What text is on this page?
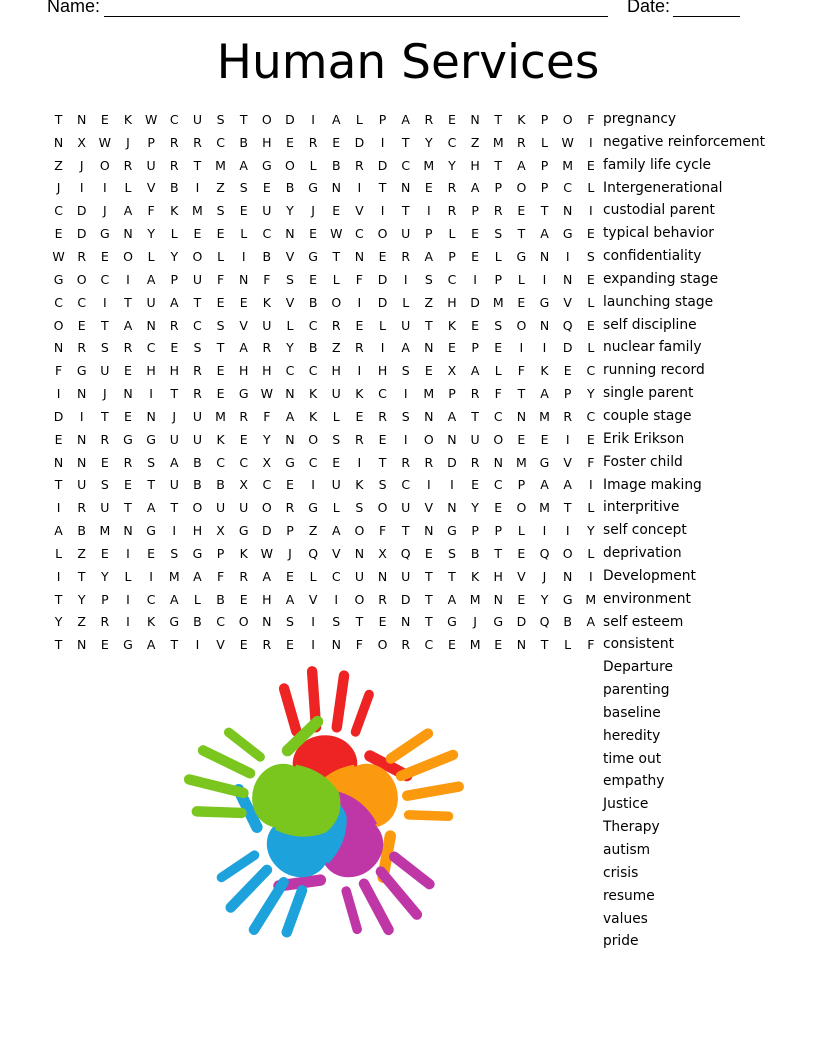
Name:	Date:
Human Services
T	N	E	K	W	C	U	S	T	O	D	I	A	L	P	A	R	E	N	T	K	P	O	F
N	X	W	J	P	R	R	C	B	H	E	R	E	D	I	T	Y	C	Z	M	R	L	W	I
Z	J	O	R	U	R	T	M	A	G	O	L	B	R	D	C	M	Y	H	T	A	P	M	E
J	I	I	L	V	B	I	Z	S	E	B	G	N	I	T	N	E	R	A	P	O	P	C	L
C	D	J	A	F	K	M	S	E	U	Y	J	E	V	I	T	I	R	P	R	E	T	N	I
E	D	G	N	Y	L	E	E	L	C	N	E	W	C	O	U	P	L	E	S	T	A	G	E
W	R	E	O	L	Y	O	L	I	B	V	G	T	N	E	R	A	P	E	L	G	N	I	S
G	O	C	I	A	P	U	F	N	F	S	E	L	F	D	I	S	C	I	P	L	I	N	E
C	C	I	T	U	A	T	E	E	K	V	B	O	I	D	L	Z	H	D	M	E	G	V	L
O	E	T	A	N	R	C	S	V	U	L	C	R	E	L	U	T	K	E	S	O	N	Q	E
N	R	S	R	C	E	S	T	A	R	Y	B	Z	R	I	A	N	E	P	E	I	I	D	L
F	G	U	E	H	H	R	E	H	H	C	C	H	I	H	S	E	X	A	L	F	K	E	C
I	N	J	N	I	T	R	E	G W N	K	U	K	C	I	M	P	R	F	T	A	P	Y
D	I	T	E	N	J	U	M	R	F	A	K	L	E	R	S	N	A	T	C	N	M	R	C
E	N	R	G	G	U	U	K	E	Y	N	O	S	R	E	I	O	N	U	O	E	E	I	E
N	N	E	R	S	A	B	C	C	X	G	C	E	I	T	R	R	D	R	N	M	G	V	F
T	U	S	E	T	U	B	B	X	C	E	I	U	K	S	C	I	I	E	C	P	A	A	I
I	R	U	T	A	T	O	U	U	O	R	G	L	S	O	U	V	N	Y	E	O	M	T	L
A	B	M	N	G	I	H	X	G	D	P	Z	A	O	F	T	N	G	P	P	L	I	I	Y
L	Z	E	I	E	S	G	P	K	W	J	Q	V	N	X	Q	E	S	B	T	E	Q	O	L
I	T	Y	L	I	M	A	F	R	A	E	L	C	U	N	U	T	T	K	H	V	J	N	I
T	Y	P	I	C	A	L	B	E	H	A	V	I	O	R	D	T	A	M	N	E	Y	G	M
Y	Z	R	I	K	G	B	C	O	N	S	I	S	T	E	N	T	G	J	G	D	Q	B	A
T	N	E	G	A	T	I	V	E	R	E	I	N	F	O	R	C	E	M	E	N	T	L	F
pregnancy
negative reinforcement
family life cycle
Intergenerational
custodial parent
typical behavior
confidentiality
expanding stage
launching stage
self discipline
nuclear family
running record
single parent
couple stage
Erik Erikson
Foster child
Image making
interpritive
self concept
deprivation
Development
environment
self esteem
consistent
Departure
parenting
baseline
heredity
time out
empathy
Justice
Therapy
autism
crisis
resume
values
pride
